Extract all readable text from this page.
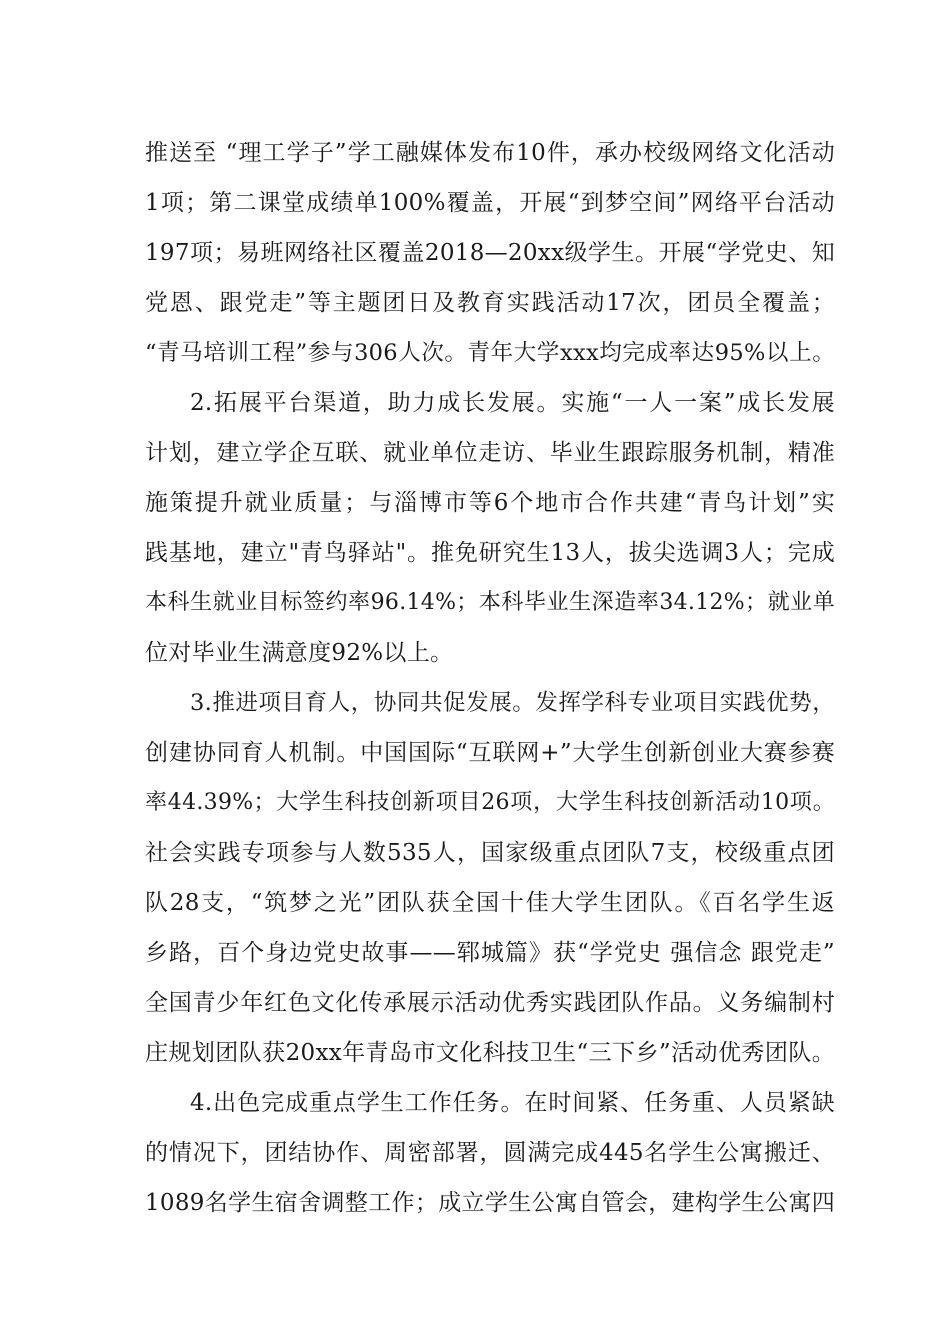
推送至 “理工学子”学工融媒体发布10件，承办校级网络文化活动
1项；第二课堂成绩单100%覆盖，开展“到梦空间”网络平台活动
197项；易班网络社区覆盖2018—20xx级学生。开展“学党史、知
党恩、跟党走”等主题团日及教育实践活动17次，团员全覆盖；
“青马培训工程”参与306人次。青年大学xxx均完成率达95%以上。
2.拓展平台渠道，助力成长发展。实施“一人一案”成长发展
计划，建立学企互联、就业单位走访、毕业生跟踪服务机制，精准
施策提升就业质量；与淄博市等6个地市合作共建“青鸟计划”实
践基地，建立"青鸟驿站"。推免研究生13人，拔尖选调3人；完成
本科生就业目标签约率96.14%；本科毕业生深造率34.12%；就业单
位对毕业生满意度92%以上。
3.推进项目育人，协同共促发展。发挥学科专业项目实践优势，
创建协同育人机制。中国国际“互联网+”大学生创新创业大赛参赛
率44.39%；大学生科技创新项目26项，大学生科技创新活动10项。
社会实践专项参与人数535人，国家级重点团队7支，校级重点团
队28支，“筑梦之光”团队获全国十佳大学生团队。《百名学生返
乡路，百个身边党史故事——郓城篇》获“学党史 强信念 跟党走”
全国青少年红色文化传承展示活动优秀实践团队作品。义务编制村
庄规划团队获20xx年青岛市文化科技卫生“三下乡”活动优秀团队。
4.出色完成重点学生工作任务。在时间紧、任务重、人员紧缺
的情况下，团结协作、周密部署，圆满完成445名学生公寓搬迁、
1089名学生宿舍调整工作；成立学生公寓自管会，建构学生公寓四
